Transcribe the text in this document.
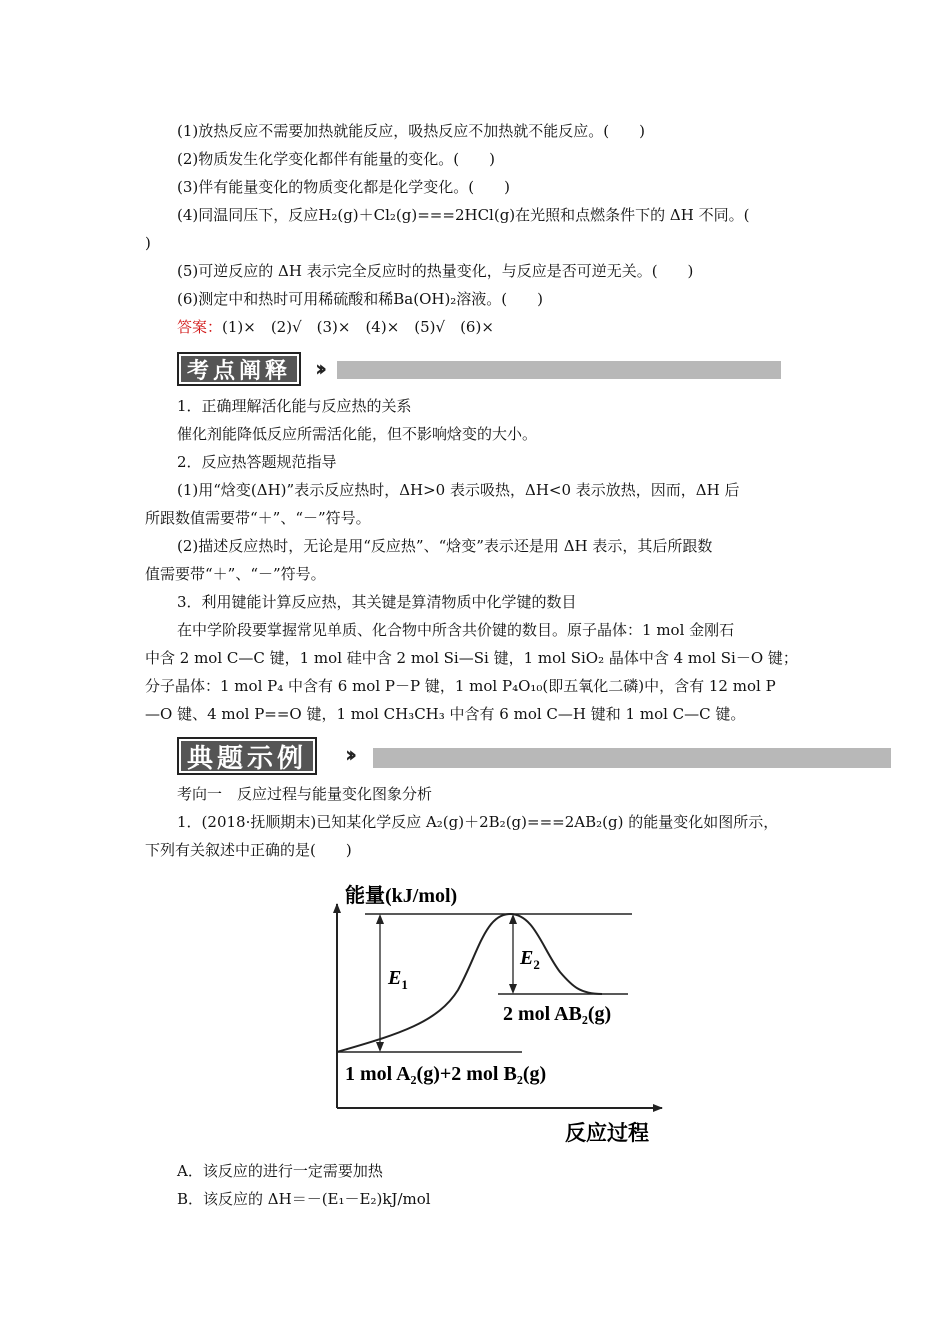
(1)放热反应不需要加热就能反应，吸热反应不加热就不能反应。(　　)
(2)物质发生化学变化都伴有能量的变化。(　　)
(3)伴有能量变化的物质变化都是化学变化。(　　)
(4)同温同压下，反应H₂(g)＋Cl₂(g)===2HCl(g)在光照和点燃条件下的 ΔH 不同。(
)
(5)可逆反应的 ΔH 表示完全反应时的热量变化，与反应是否可逆无关。(　　)
(6)测定中和热时可用稀硫酸和稀Ba(OH)₂溶液。(　　)
答案：(1)×　(2)√　(3)×　(4)×　(5)√　(6)×
››
考点阐释
1．正确理解活化能与反应热的关系
催化剂能降低反应所需活化能，但不影响焓变的大小。
2．反应热答题规范指导
(1)用“焓变(ΔH)”表示反应热时，ΔH>0 表示吸热，ΔH<0 表示放热，因而，ΔH 后
所跟数值需要带“＋”、“－”符号。
(2)描述反应热时，无论是用“反应热”、“焓变”表示还是用 ΔH 表示，其后所跟数
值需要带“＋”、“－”符号。
3．利用键能计算反应热，其关键是算清物质中化学键的数目
在中学阶段要掌握常见单质、化合物中所含共价键的数目。原子晶体：1 mol 金刚石
中含 2 mol C—C 键，1 mol 硅中含 2 mol Si—Si 键，1 mol SiO₂ 晶体中含 4 mol Si－O 键；
分子晶体：1 mol P₄ 中含有 6 mol P－P 键，1 mol P₄O₁₀(即五氧化二磷)中，含有 12 mol P
—O 键、4 mol P==O 键，1 mol CH₃CH₃ 中含有 6 mol C—H 键和 1 mol C—C 键。
››
典题示例
考向一　反应过程与能量变化图象分析
1．(2018·抚顺期末)已知某化学反应 A₂(g)＋2B₂(g)===2AB₂(g) 的能量变化如图所示，
下列有关叙述中正确的是(　　)
能量(kJ/mol)
$E_1$
$E_2$
2 mol AB₂(g)
1 mol A₂(g)+2 mol B₂(g)
反应过程
A．该反应的进行一定需要加热
B．该反应的 ΔH＝－(E₁－E₂)kJ/mol
